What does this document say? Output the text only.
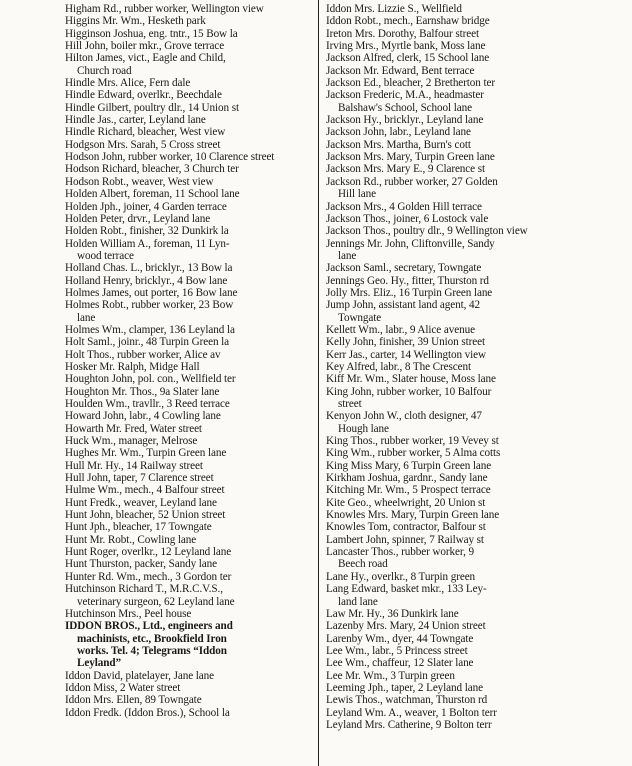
Higham Rd., rubber worker, Wellington view
Higgins Mr. Wm., Hesketh park
Higginson Joshua, eng. tntr., 15 Bow la
Hill John, boiler mkr., Grove terrace
Hilton James, vict., Eagle and Child,
Church road
Hindle Mrs. Alice, Fern dale
Hindle Edward, overlkr., Beechdale
Hindle Gilbert, poultry dlr., 14 Union st
Hindle Jas., carter, Leyland lane
Hindle Richard, bleacher, West view
Hodgson Mrs. Sarah, 5 Cross street
Hodson John, rubber worker, 10 Clarence street
Hodson Richard, bleacher, 3 Church ter
Hodson Robt., weaver, West view
Holden Albert, foreman, 11 School lane
Holden Jph., joiner, 4 Garden terrace
Holden Peter, drvr., Leyland lane
Holden Robt., finisher, 32 Dunkirk la
Holden William A., foreman, 11 Lyn-
wood terrace
Holland Chas. L., bricklyr., 13 Bow la
Holland Henry, bricklyr., 4 Bow lane
Holmes James, out porter, 16 Bow lane
Holmes Robt., rubber worker, 23 Bow
lane
Holmes Wm., clamper, 136 Leyland la
Holt Saml., joinr., 48 Turpin Green la
Holt Thos., rubber worker, Alice av
Hosker Mr. Ralph, Midge Hall
Houghton John, pol. con., Wellfield ter
Houghton Mr. Thos., 9a Slater lane
Houlden Wm., travllr., 3 Reed terrace
Howard John, labr., 4 Cowling lane
Howarth Mr. Fred, Water street
Huck Wm., manager, Melrose
Hughes Mr. Wm., Turpin Green lane
Hull Mr. Hy., 14 Railway street
Hull John, taper, 7 Clarence street
Hulme Wm., mech., 4 Balfour street
Hunt Fredk., weaver, Leyland lane
Hunt John, bleacher, 52 Union street
Hunt Jph., bleacher, 17 Towngate
Hunt Mr. Robt., Cowling lane
Hunt Roger, overlkr., 12 Leyland lane
Hunt Thurston, packer, Sandy lane
Hunter Rd. Wm., mech., 3 Gordon ter
Hutchinson Richard T., M.R.C.V.S.,
veterinary surgeon, 62 Leyland lane
Hutchinson Mrs., Peel house
IDDON BROS., Ltd., engineers and
machinists, etc., Brookfield Iron
works. Tel. 4; Telegrams “Iddon
Leyland”
Iddon David, platelayer, Jane lane
Iddon Miss, 2 Water street
Iddon Mrs. Ellen, 89 Towngate
Iddon Fredk. (Iddon Bros.), School la
Iddon Mrs. Lizzie S., Wellfield
Iddon Robt., mech., Earnshaw bridge
Ireton Mrs. Dorothy, Balfour street
Irving Mrs., Myrtle bank, Moss lane
Jackson Alfred, clerk, 15 School lane
Jackson Mr. Edward, Bent terrace
Jackson Ed., bleacher, 2 Bretherton ter
Jackson Frederic, M.A., headmaster
Balshaw's School, School lane
Jackson Hy., bricklyr., Leyland lane
Jackson John, labr., Leyland lane
Jackson Mrs. Martha, Burn's cott
Jackson Mrs. Mary, Turpin Green lane
Jackson Mrs. Mary E., 9 Clarence st
Jackson Rd., rubber worker, 27 Golden
Hill lane
Jackson Mrs., 4 Golden Hill terrace
Jackson Thos., joiner, 6 Lostock vale
Jackson Thos., poultry dlr., 9 Wellington view
Jennings Mr. John, Cliftonville, Sandy
lane
Jackson Saml., secretary, Towngate
Jennings Geo. Hy., fitter, Thurston rd
Jolly Mrs. Eliz., 16 Turpin Green lane
Jump John, assistant land agent, 42
Towngate
Kellett Wm., labr., 9 Alice avenue
Kelly John, finisher, 39 Union street
Kerr Jas., carter, 14 Wellington view
Key Alfred, labr., 8 The Crescent
Kiff Mr. Wm., Slater house, Moss lane
King John, rubber worker, 10 Balfour
street
Kenyon John W., cloth designer, 47
Hough lane
King Thos., rubber worker, 19 Vevey st
King Wm., rubber worker, 5 Alma cotts
King Miss Mary, 6 Turpin Green lane
Kirkham Joshua, gardnr., Sandy lane
Kitching Mr. Wm., 5 Prospect terrace
Kite Geo., wheelwright, 20 Union st
Knowles Mrs. Mary, Turpin Green lane
Knowles Tom, contractor, Balfour st
Lambert John, spinner, 7 Railway st
Lancaster Thos., rubber worker, 9
Beech road
Lane Hy., overlkr., 8 Turpin green
Lang Edward, basket mkr., 133 Ley-
land lane
Law Mr. Hy., 36 Dunkirk lane
Lazenby Mrs. Mary, 24 Union street
Larenby Wm., dyer, 44 Towngate
Lee Wm., labr., 5 Princess street
Lee Wm., chaffeur, 12 Slater lane
Lee Mr. Wm., 3 Turpin green
Leeming Jph., taper, 2 Leyland lane
Lewis Thos., watchman, Thurston rd
Leyland Wm. A., weaver, 1 Bolton terr
Leyland Mrs. Catherine, 9 Bolton terr
